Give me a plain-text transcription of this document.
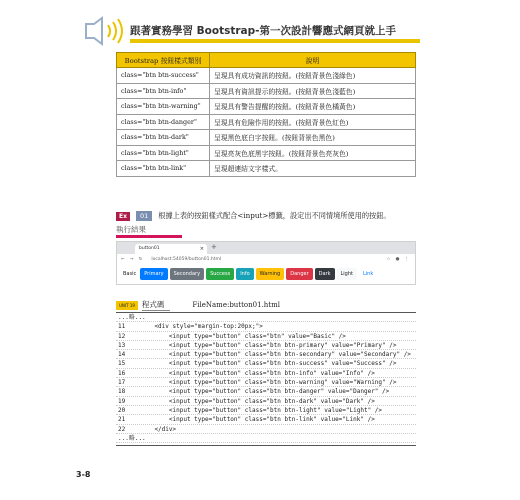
跟著實務學習 Bootstrap-第一次設計響應式網頁就上手
Bootstrap 按鈕樣式類別	說明
class="btn btn-success"	呈現具有成功資訊的按鈕。(按鈕背景色淺綠色)
class="btn btn-info"	呈現具有資訊提示的按鈕。(按鈕背景色淺藍色)
class="btn btn-warning"	呈現具有警告提醒的按鈕。(按鈕背景色橘黃色)
class="btn btn-danger"	呈現具有危險作用的按鈕。(按鈕背景色紅色)
class="btn btn-dark"	呈現黑色底白字按鈕。(按鈕背景色黑色)
class="btn btn-light"	呈現亮灰色底黑字按鈕。(按鈕背景色亮灰色)
class="btn btn-link"	呈現超連結文字樣式。
Ex	01	根據上表的按鈕樣式配合<input>標籤，設定出不同情境所使用的按鈕。
執行結果
button01	× +
← → ↻ localhost:54059/button01.html	☆ ● ⋮
Basic	Primary	Secondary	Success	Info	Warning	Danger	Dark	Light	Link
UNIT 19 程式碼	FileName:button01.html
...略...
11	<div style="margin-top:20px;">
12	<input type="button" class="btn" value="Basic" />
13	<input type="button" class="btn btn-primary" value="Primary" />
14	<input type="button" class="btn btn-secondary" value="Secondary" />
15	<input type="button" class="btn btn-success" value="Success" />
16	<input type="button" class="btn btn-info" value="Info" />
17	<input type="button" class="btn btn-warning" value="Warning" />
18	<input type="button" class="btn btn-danger" value="Danger" />
19	<input type="button" class="btn btn-dark" value="Dark" />
20	<input type="button" class="btn btn-light" value="Light" />
21	<input type="button" class="btn btn-link" value="Link" />
22	</div>
...略...
3-8
